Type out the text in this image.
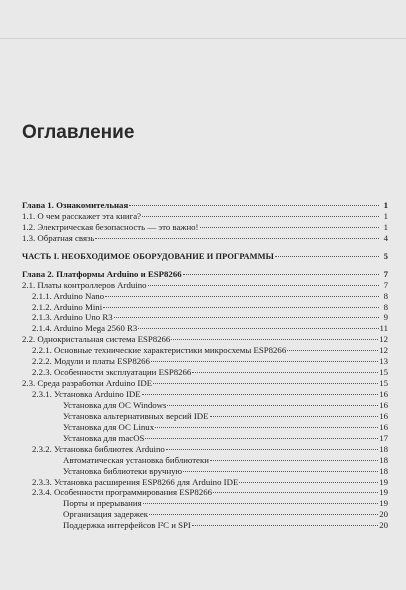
Оглавление
Глава 1. Ознакомительная	1
1.1. О чем расскажет эта книга?	1
1.2. Электрическая безопасность — это важно!	1
1.3. Обратная связь	4
ЧАСТЬ I. НЕОБХОДИМОЕ ОБОРУДОВАНИЕ И ПРОГРАММЫ	5
Глава 2. Платформы Arduino и ESP8266	7
2.1. Платы контроллеров Arduino	7
2.1.1. Arduino Nano	8
2.1.2. Arduino Mini	8
2.1.3. Arduino Uno R3	9
2.1.4. Arduino Mega 2560 R3	11
2.2. Однокристальная система ESP8266	12
2.2.1. Основные технические характеристики микросхемы ESP8266	12
2.2.2. Модули и платы ESP8266	13
2.2.3. Особенности эксплуатации ESP8266	15
2.3. Среда разработки Arduino IDE	15
2.3.1. Установка Arduino IDE	16
Установка для ОС Windows	16
Установка альтернативных версий IDE	16
Установка для ОС Linux	16
Установка для macOS	17
2.3.2. Установка библиотек Arduino	18
Автоматическая установка библиотеки	18
Установка библиотеки вручную	18
2.3.3. Установка расширения ESP8266 для Arduino IDE	19
2.3.4. Особенности программирования ESP8266	19
Порты и прерывания	19
Организация задержек	20
Поддержка интерфейсов I²C и SPI	20
